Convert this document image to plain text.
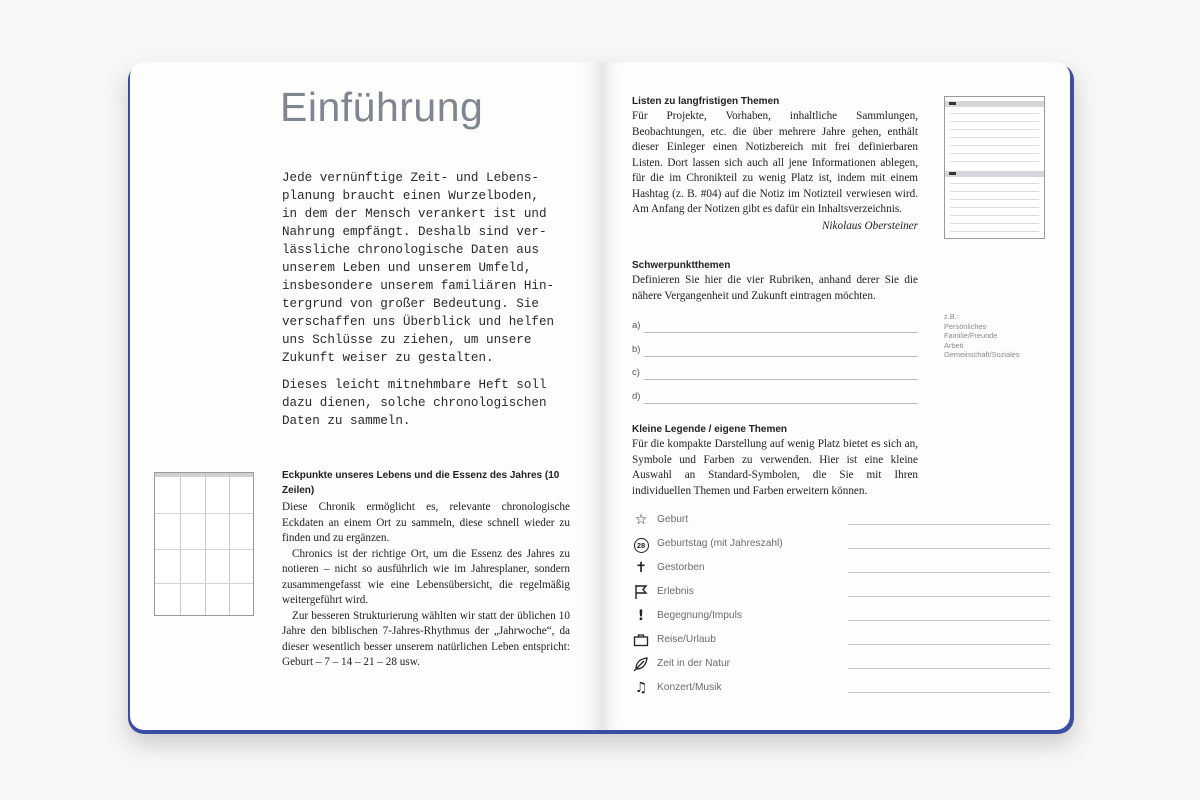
Einführung
Jede vernünftige Zeit- und Lebens-
planung braucht einen Wurzelboden,
in dem der Mensch verankert ist und
Nahrung empfängt. Deshalb sind ver-
lässliche chronologische Daten aus
unserem Leben und unserem Umfeld,
insbesondere unserem familiären Hin-
tergrund von großer Bedeutung. Sie
verschaffen uns Überblick und helfen
uns Schlüsse zu ziehen, um unsere
Zukunft weiser zu gestalten.
Dieses leicht mitnehmbare Heft soll
dazu dienen, solche chronologischen
Daten zu sammeln.
Eckpunkte unseres Lebens und die Essenz des Jahres (10 Zeilen)

Diese Chronik ermöglicht es, relevante chronologische Eckdaten an einem Ort zu sammeln, diese schnell wieder zu finden und zu ergänzen.

Chronics ist der richtige Ort, um die Essenz des Jahres zu notieren – nicht so ausführlich wie im Jahresplaner, sondern zusammengefasst wie eine Lebensübersicht, die regelmäßig weitergeführt wird.

Zur besseren Strukturierung wählten wir statt der üblichen 10 Jahre den biblischen 7-Jahres-Rhythmus der „Jahrwoche“, da dieser wesentlich besser unserem natürlichen Leben entspricht: Geburt – 7 – 14 – 21 – 28 usw.

Listen zu langfristigen Themen

Für Projekte, Vorhaben, inhaltliche Sammlungen, Beobachtungen, etc. die über mehrere Jahre gehen, enthält dieser Einleger einen Notizbereich mit frei definierbaren Listen. Dort lassen sich auch all jene Informationen ablegen, für die im Chronikteil zu wenig Platz ist, indem mit einem Hashtag (z. B. #04) auf die Notiz im Notizteil verwiesen wird. Am Anfang der Notizen gibt es dafür ein Inhaltsverzeichnis.

Nikolaus Obersteiner

Schwerpunktthemen

Definieren Sie hier die vier Rubriken, anhand derer Sie die nähere Vergangenheit und Zukunft eintragen möchten.

a)
b)
c)
d)
z.B.:
Persönliches
Familie/Freunde
Arbeit
Gemeinschaft/Soziales
Kleine Legende / eigene Themen

Für die kompakte Darstellung auf wenig Platz bietet es sich an, Symbole und Farben zu verwenden. Hier ist eine kleine Auswahl an Standard-Symbolen, die Sie mit Ihren individuellen Themen und Farben erweitern können.

☆ Geburt
28	Geburtstag (mit Jahreszahl)
✝ Gestorben
Erlebnis
!	Begegnung/Impuls
Reise/Urlaub
Zeit in der Natur
♫ Konzert/Musik
